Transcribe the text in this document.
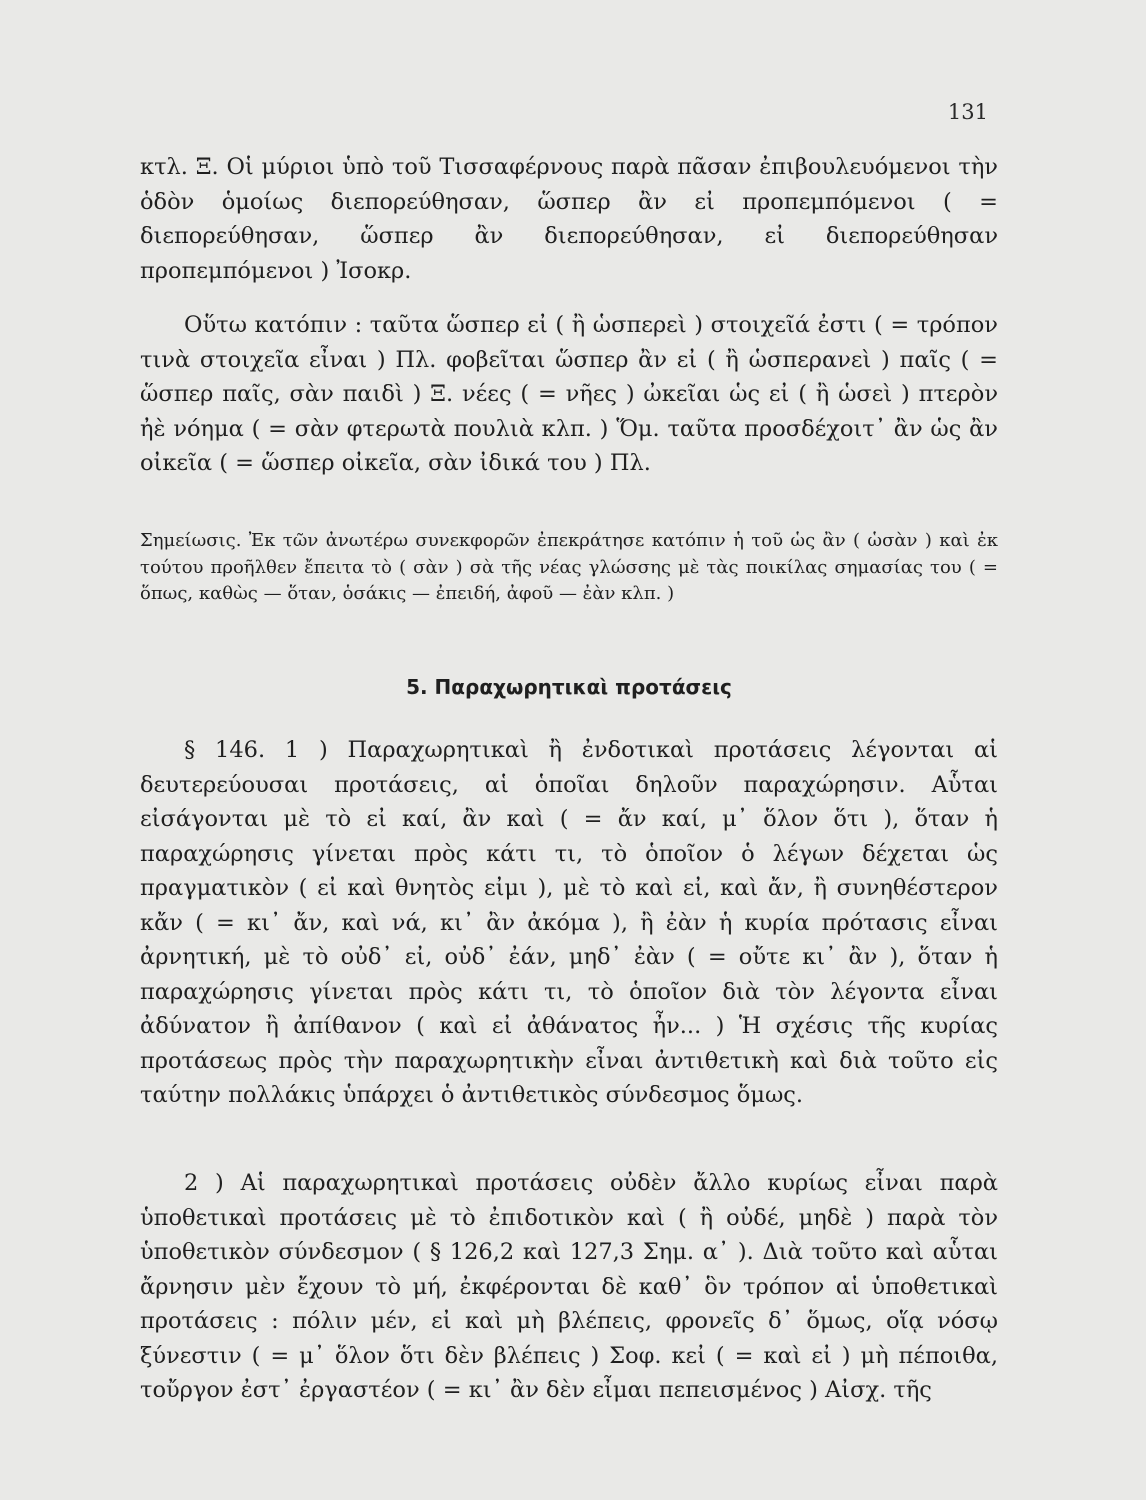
131
κτλ. Ξ. Οἱ μύριοι ὑπὸ τοῦ Τισσαφέρνους παρὰ πᾶσαν ἐπιβουλευόμενοι τὴν ὁδὸν ὁμοίως διεπορεύθησαν, ὥσπερ ἂν εἰ προπεμπόμενοι ( = διεπορεύθησαν, ὥσπερ ἂν διεπορεύθησαν, εἰ διεπορεύθησαν προπεμπόμενοι ) Ἰσοκρ.
Οὕτω κατόπιν : ταῦτα ὥσπερ εἰ ( ἢ ὡσπερεὶ ) στοιχεῖά ἐστι ( = τρόπον τινὰ στοιχεῖα εἶναι ) Πλ. φοβεῖται ὥσπερ ἂν εἰ ( ἢ ὡσπερανεὶ ) παῖς ( = ὥσπερ παῖς, σὰν παιδὶ ) Ξ. νέες ( = νῆες ) ὠκεῖαι ὡς εἰ ( ἢ ὡσεὶ ) πτερὸν ἠὲ νόημα ( = σὰν φτερωτὰ πουλιὰ κλπ. ) Ὅμ. ταῦτα προσδέχοιτ᾽ ἂν ὡς ἂν οἰκεῖα ( = ὥσπερ οἰκεῖα, σὰν ἰδικά του ) Πλ.
Σημείωσις. Ἐκ τῶν ἀνωτέρω συνεκφορῶν ἐπεκράτησε κατόπιν ἡ τοῦ ὡς ἂν ( ὡσὰν ) καὶ ἐκ τούτου προῆλθεν ἔπειτα τὸ ( σὰν ) σὰ τῆς νέας γλώσσης μὲ τὰς ποικίλας σημασίας του ( = ὅπως, καθὼς — ὅταν, ὁσάκις — ἐπειδή, ἀφοῦ — ἐὰν κλπ. )
5. Παραχωρητικαὶ προτάσεις
§ 146. 1 ) Παραχωρητικαὶ ἢ ἐνδοτικαὶ προτάσεις λέγονται αἱ δευτερεύουσαι προτάσεις, αἱ ὁποῖαι δηλοῦν παραχώρησιν. Αὗται εἰσάγονται μὲ τὸ εἰ καί, ἂν καὶ ( = ἄν καί, μ᾽ ὅλον ὅτι ), ὅταν ἡ παραχώρησις γίνεται πρὸς κάτι τι, τὸ ὁποῖον ὁ λέγων δέχεται ὡς πραγματικὸν ( εἰ καὶ θνητὸς εἰμι ), μὲ τὸ καὶ εἰ, καὶ ἄν, ἢ συνηθέστερον κἄν ( = κι᾽ ἄν, καὶ νά, κι᾽ ἂν ἀκόμα ), ἢ ἐὰν ἡ κυρία πρότασις εἶναι ἀρνητική, μὲ τὸ οὐδ᾽ εἰ, οὐδ᾽ ἐάν, μηδ᾽ ἐὰν ( = οὔτε κι᾽ ἂν ), ὅταν ἡ παραχώρησις γίνεται πρὸς κάτι τι, τὸ ὁποῖον διὰ τὸν λέγοντα εἶναι ἀδύνατον ἢ ἀπίθανον ( καὶ εἰ ἀθάνατος ἦν... ) Ἡ σχέσις τῆς κυρίας προτάσεως πρὸς τὴν παραχωρητικὴν εἶναι ἀντιθετικὴ καὶ διὰ τοῦτο εἰς ταύτην πολλάκις ὑπάρχει ὁ ἀντιθετικὸς σύνδεσμος ὅμως.
2 ) Αἱ παραχωρητικαὶ προτάσεις οὐδὲν ἄλλο κυρίως εἶναι παρὰ ὑποθετικαὶ προτάσεις μὲ τὸ ἐπιδοτικὸν καὶ ( ἢ οὐδέ, μηδὲ ) παρὰ τὸν ὑποθετικὸν σύνδεσμον ( § 126,2 καὶ 127,3 Σημ. α᾽ ). Διὰ τοῦτο καὶ αὗται ἄρνησιν μὲν ἔχουν τὸ μή, ἐκφέρονται δὲ καθ᾽ ὃν τρόπον αἱ ὑποθετικαὶ προτάσεις : πόλιν μέν, εἰ καὶ μὴ βλέπεις, φρονεῖς δ᾽ ὅμως, οἵᾳ νόσῳ ξύνεστιν ( = μ᾽ ὅλον ὅτι δὲν βλέπεις ) Σοφ. κεἰ ( = καὶ εἰ ) μὴ πέποιθα, τοὔργον ἐστ᾽ ἐργαστέον ( = κι᾽ ἂν δὲν εἶμαι πεπεισμένος ) Αἰσχ. τῆς
